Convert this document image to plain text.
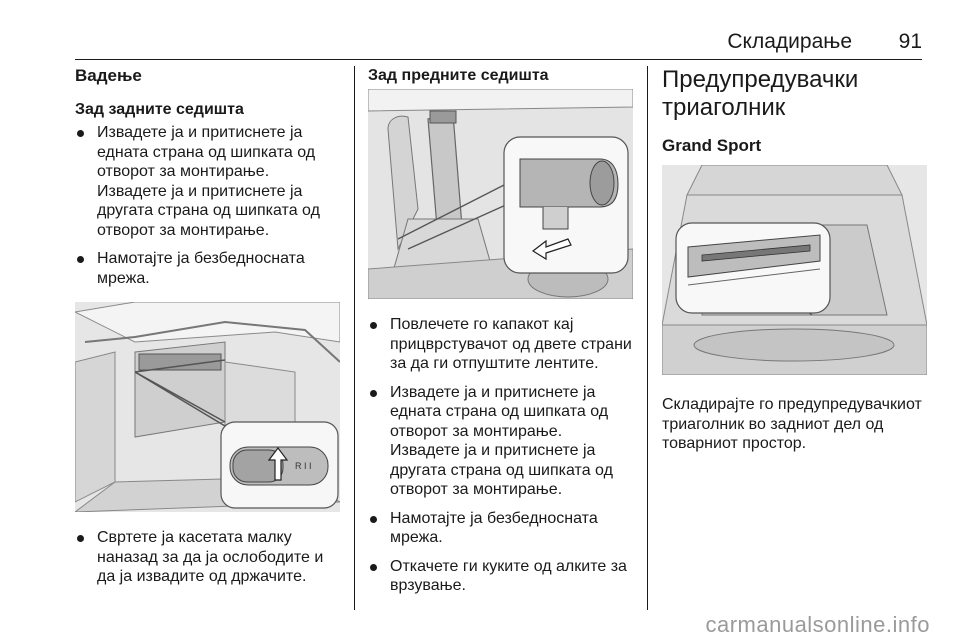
Складирање 91
Вадење
Зад задните седишта
Извадете ја и притиснете ја едната страна од шипката од отворот за монтирање. Извадете ја и притиснете ја другата страна од шипката од отворот за монтирање.
Намотајте ја безбедносната мрежа.
R I I
Свртете ја касетата малку наназад за да ја ослободите и да ја извадите од држачите.
Зад предните седишта
Повлечете го капакот кај прицврстувачот од двете страни за да ги отпуштите лентите.
Извадете ја и притиснете ја едната страна од шипката од отворот за монтирање. Извадете ја и притиснете ја другата страна од шипката од отворот за монтирање.
Намотајте ја безбедносната мрежа.
Откачете ги куките од алките за врзување.
Предупредувачки триаголник
Grand Sport

Складирајте го предупредувачкиот триаголник во задниот дел од товарниот простор.

carmanualsonline.info
